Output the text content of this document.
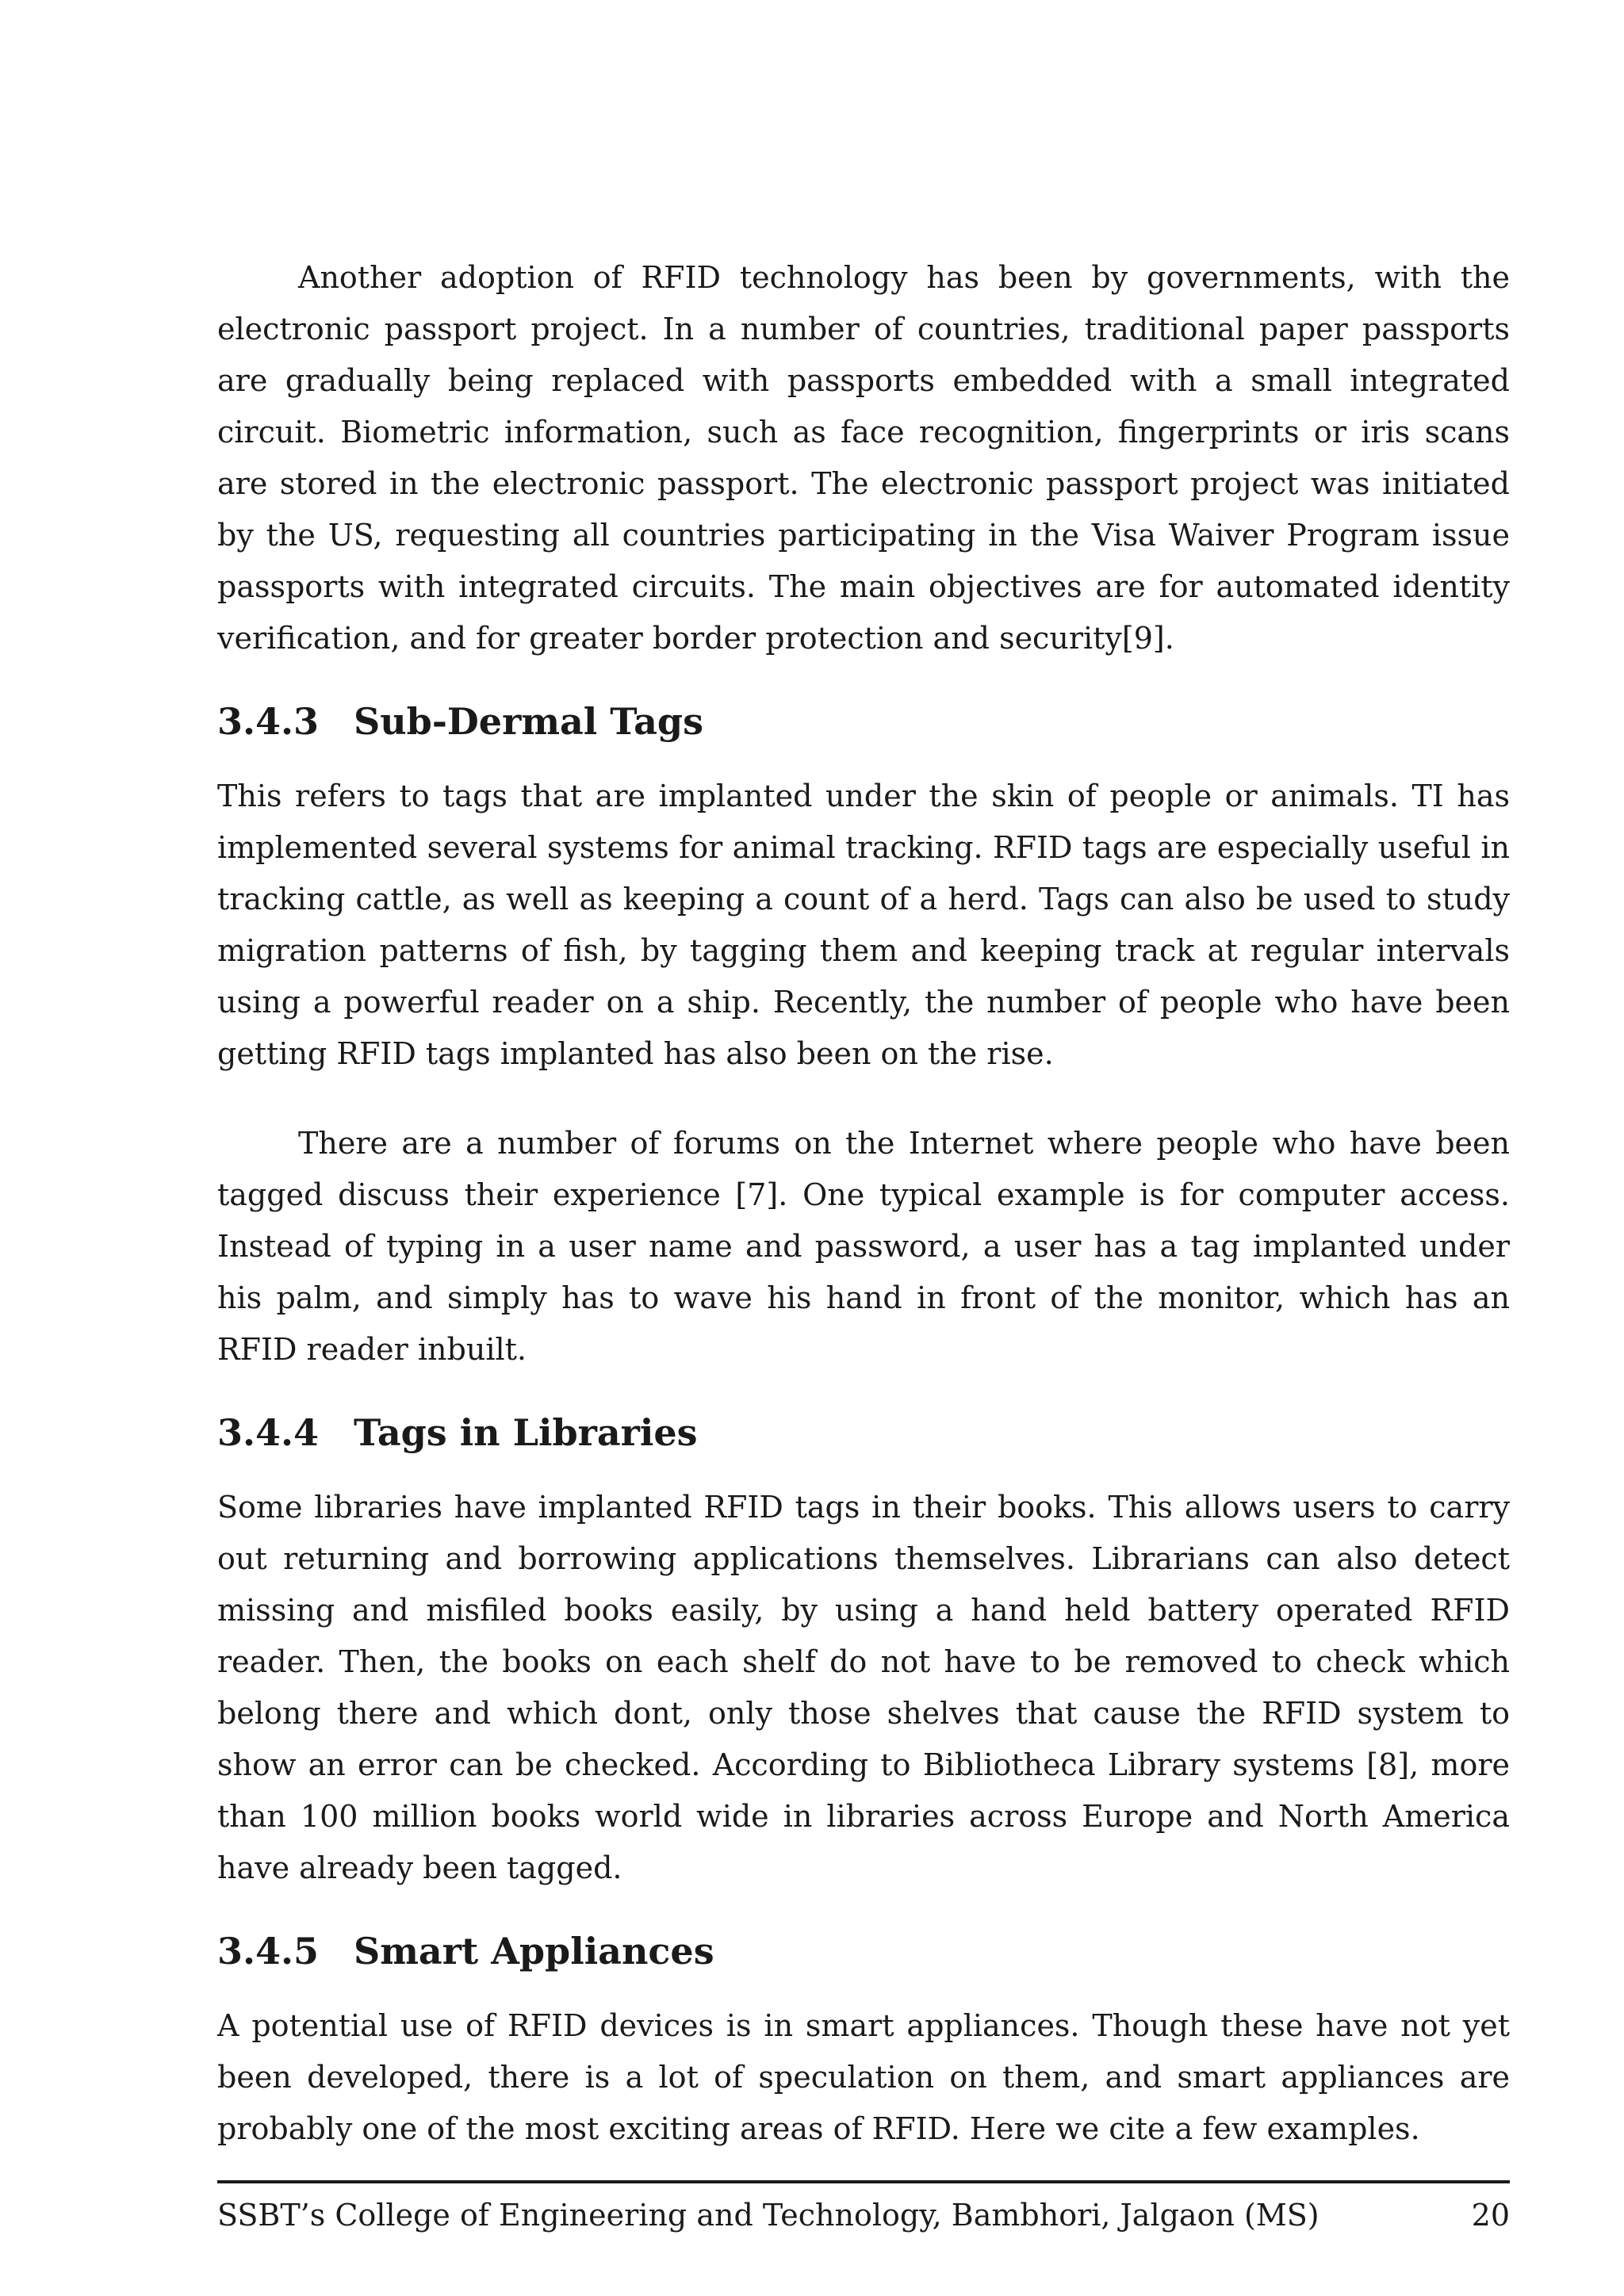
Another adoption of RFID technology has been by governments, with the electronic passport project. In a number of countries, traditional paper passports are gradually being replaced with passports embedded with a small integrated circuit. Biometric information, such as face recognition, fingerprints or iris scans are stored in the electronic passport. The electronic passport project was initiated by the US, requesting all countries participating in the Visa Waiver Program issue passports with integrated circuits. The main objectives are for automated identity verification, and for greater border protection and security[9].

3.4.3 Sub-Dermal Tags

This refers to tags that are implanted under the skin of people or animals. TI has implemented several systems for animal tracking. RFID tags are especially useful in tracking cattle, as well as keeping a count of a herd. Tags can also be used to study migration patterns of fish, by tagging them and keeping track at regular intervals using a powerful reader on a ship. Recently, the number of people who have been getting RFID tags implanted has also been on the rise.

There are a number of forums on the Internet where people who have been tagged discuss their experience [7]. One typical example is for computer access. Instead of typing in a user name and password, a user has a tag implanted under his palm, and simply has to wave his hand in front of the monitor, which has an RFID reader inbuilt.

3.4.4 Tags in Libraries

Some libraries have implanted RFID tags in their books. This allows users to carry out returning and borrowing applications themselves. Librarians can also detect missing and misfiled books easily, by using a hand held battery operated RFID reader. Then, the books on each shelf do not have to be removed to check which belong there and which dont, only those shelves that cause the RFID system to show an error can be checked. According to Bibliotheca Library systems [8], more than 100 million books world wide in libraries across Europe and North America have already been tagged.

3.4.5 Smart Appliances

A potential use of RFID devices is in smart appliances. Though these have not yet been developed, there is a lot of speculation on them, and smart appliances are probably one of the most exciting areas of RFID. Here we cite a few examples.

SSBT’s College of Engineering and Technology, Bambhori, Jalgaon (MS)	20
